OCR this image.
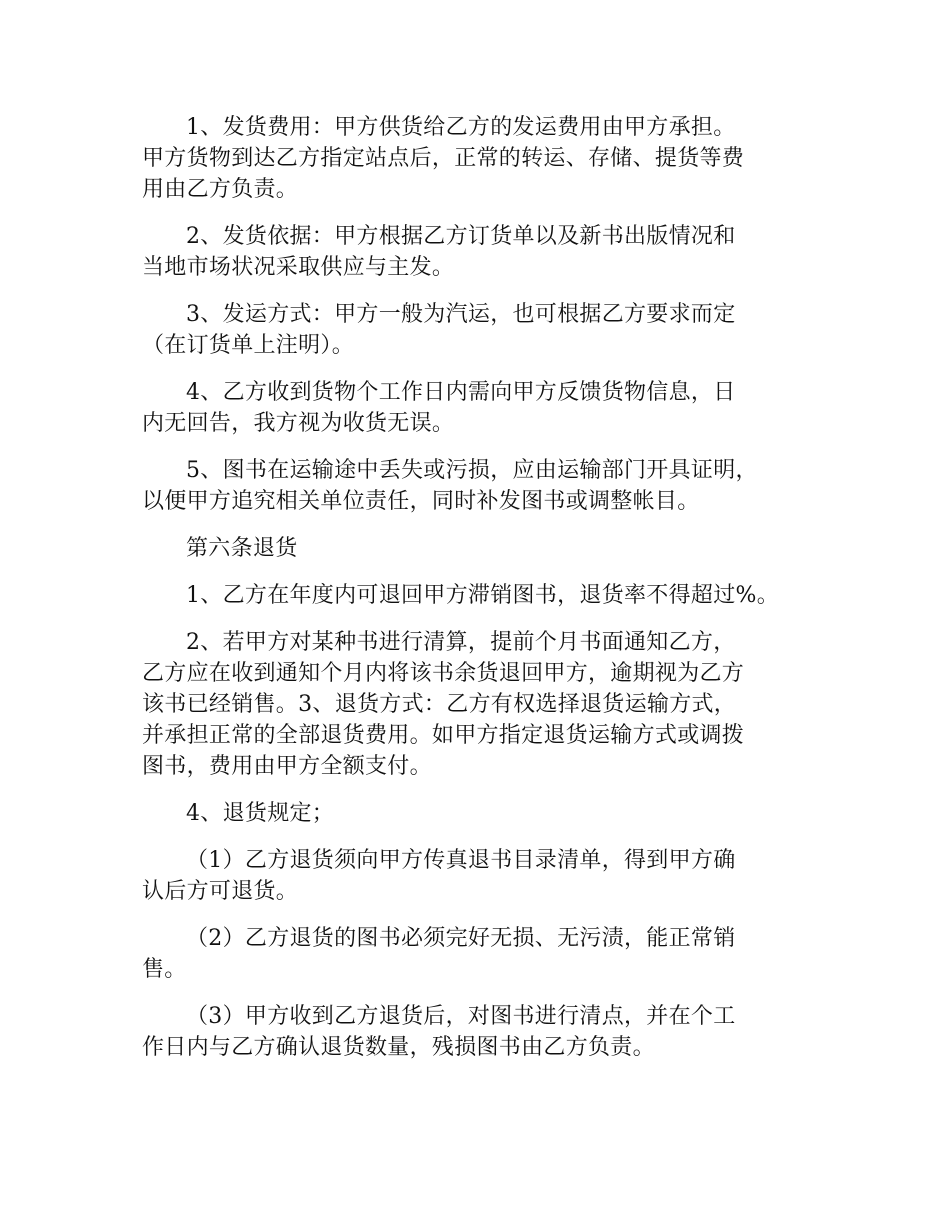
1、发货费用：甲方供货给乙方的发运费用由甲方承担。
甲方货物到达乙方指定站点后，正常的转运、存储、提货等费
用由乙方负责。

2、发货依据：甲方根据乙方订货单以及新书出版情况和
当地市场状况采取供应与主发。

3、发运方式：甲方一般为汽运，也可根据乙方要求而定
（在订货单上注明）。

4、乙方收到货物个工作日内需向甲方反馈货物信息，日
内无回告，我方视为收货无误。

5、图书在运输途中丢失或污损，应由运输部门开具证明，
以便甲方追究相关单位责任，同时补发图书或调整帐目。

第六条退货

1、乙方在年度内可退回甲方滞销图书，退货率不得超过%。

2、若甲方对某种书进行清算，提前个月书面通知乙方，
乙方应在收到通知个月内将该书余货退回甲方，逾期视为乙方
该书已经销售。3、退货方式：乙方有权选择退货运输方式，
并承担正常的全部退货费用。如甲方指定退货运输方式或调拨
图书，费用由甲方全额支付。

4、退货规定；

（1）乙方退货须向甲方传真退书目录清单，得到甲方确
认后方可退货。

（2）乙方退货的图书必须完好无损、无污渍，能正常销
售。

（3）甲方收到乙方退货后，对图书进行清点，并在个工
作日内与乙方确认退货数量，残损图书由乙方负责。
